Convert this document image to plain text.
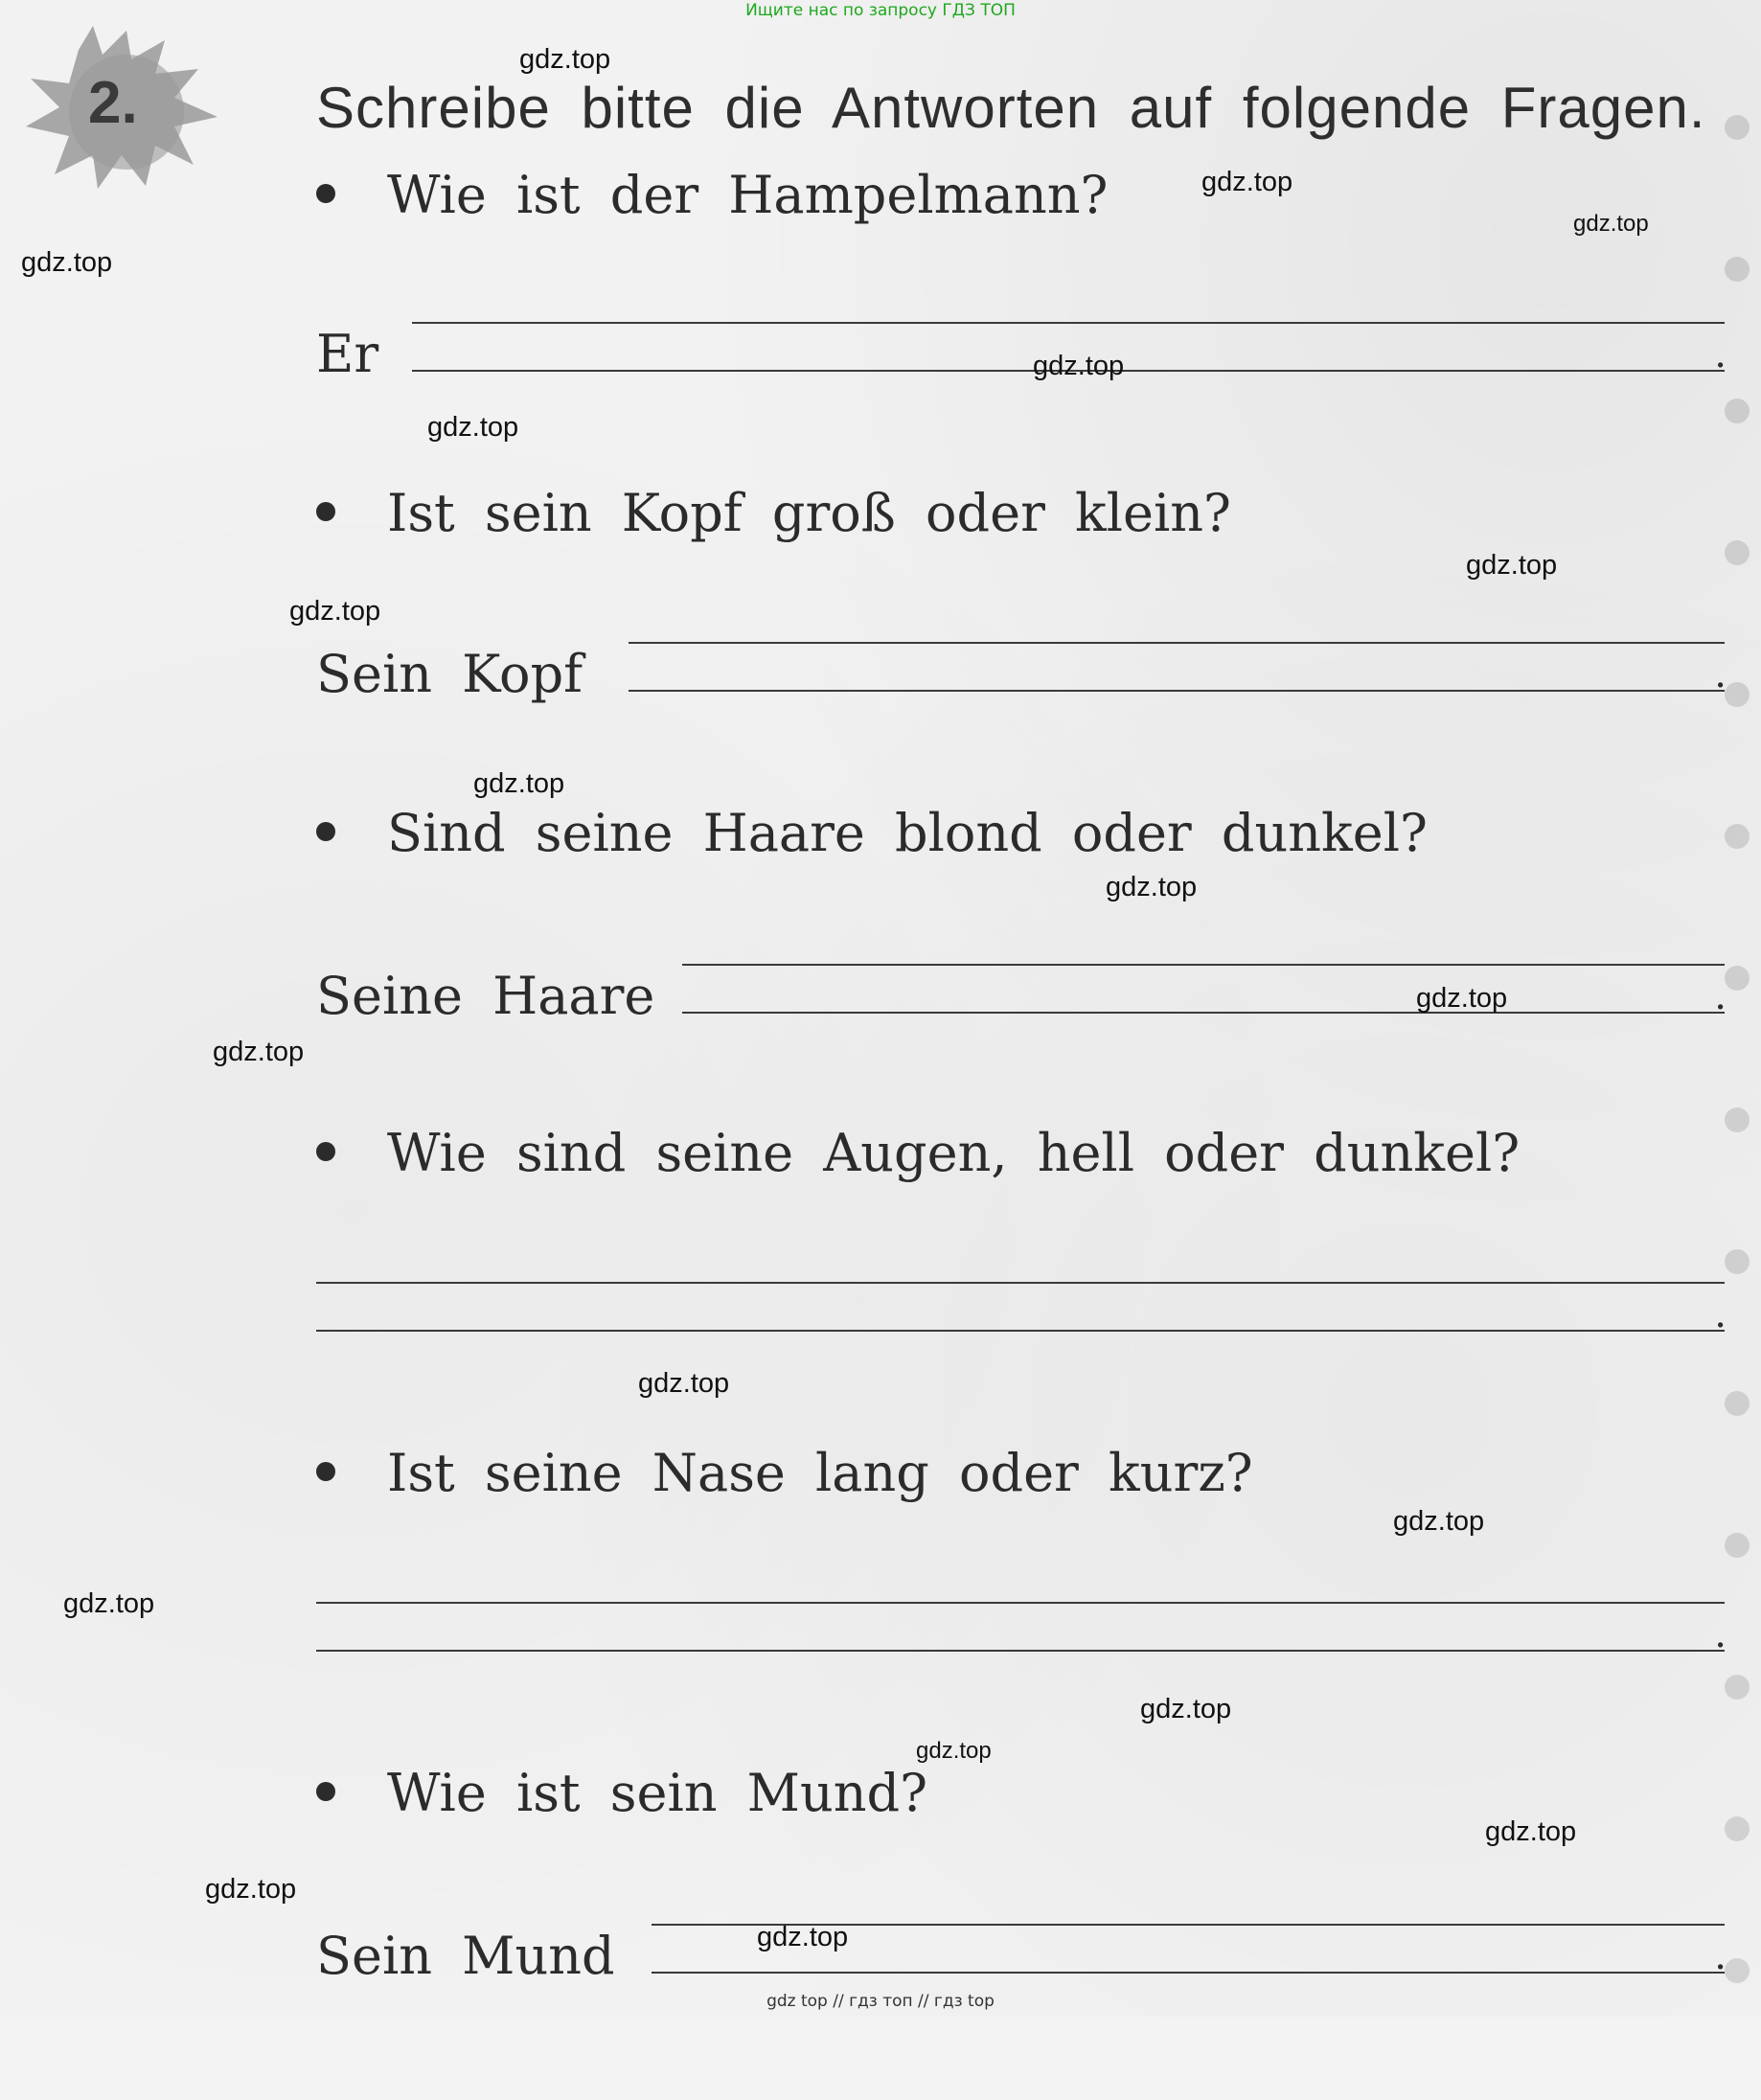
Ищите нас по запросу ГДЗ ТОП
2.	Schreibe bitte die Antworten auf folgende Fragen.
Wie ist der Hampelmann?
Er	.
Ist sein Kopf groß oder klein?
Sein Kopf	.
Sind seine Haare blond oder dunkel?
Seine Haare	.
Wie sind seine Augen, hell oder dunkel?
.
Ist seine Nase lang oder kurz?
.
Wie ist sein Mund?
Sein Mund	.
gdz.top
gdz.top
gdz.top
gdz.top
gdz.top
gdz.top
gdz.top
gdz.top
gdz.top
gdz.top
gdz.top
gdz.top
gdz.top
gdz.top
gdz.top
gdz.top
gdz.top
gdz.top
gdz.top
gdz.top
gdz top // гдз топ // гдз top
